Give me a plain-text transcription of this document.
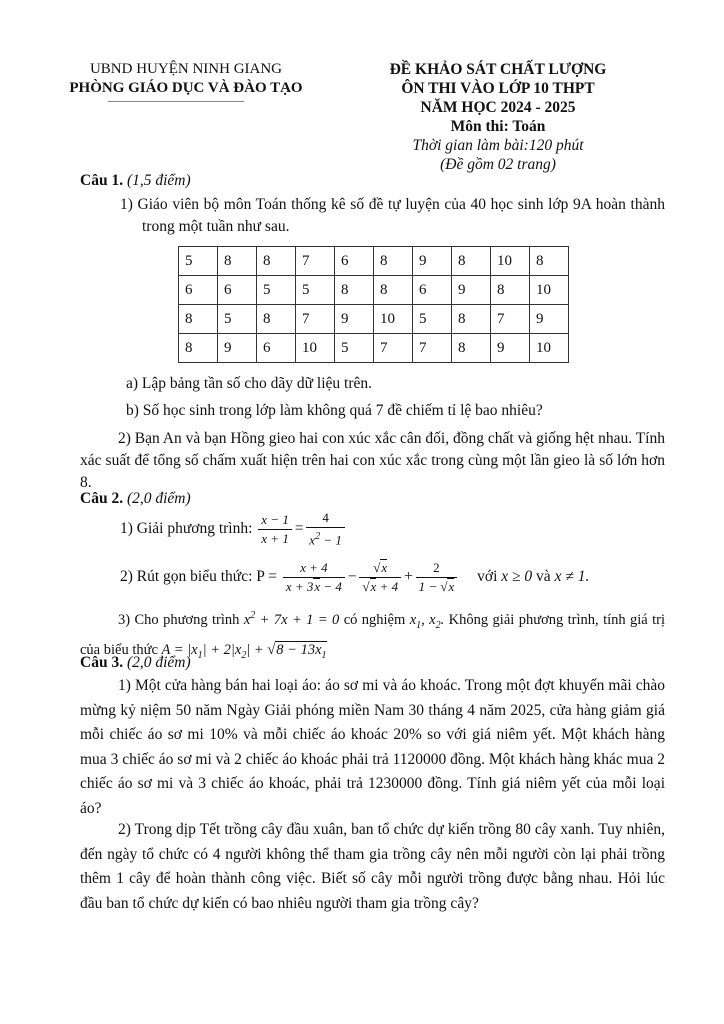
UBND HUYỆN NINH GIANG
PHÒNG GIÁO DỤC VÀ ĐÀO TẠO
ĐỀ KHẢO SÁT CHẤT LƯỢNG
ÔN THI VÀO LỚP 10 THPT
NĂM HỌC 2024 - 2025
Môn thi: Toán
Thời gian làm bài:120 phút
(Đề gồm 02 trang)
Câu 1. (1,5 điểm)
1) Giáo viên bộ môn Toán thống kê số đề tự luyện của 40 học sinh lớp 9A hoàn thành trong một tuần như sau.
5	8	8	7	6	8	9	8	10	8
6	6	5	5	8	8	6	9	8	10
8	5	8	7	9	10	5	8	7	9
8	9	6	10	5	7	7	8	9	10
a) Lập bảng tần số cho dãy dữ liệu trên.
b) Số học sinh trong lớp làm không quá 7 đề chiếm tỉ lệ bao nhiêu?
2) Bạn An và bạn Hồng gieo hai con xúc xắc cân đối, đồng chất và giống hệt nhau. Tính xác suất để tổng số chấm xuất hiện trên hai con xúc xắc trong cùng một lần gieo là số lớn hơn 8.
Câu 2. (2,0 điểm)
1) Giải phương trình: $\frac{x - 1}{x + 1} = \frac{4}{x^2 - 1}$
2) Rút gọn biểu thức: $P = \frac{x + 4}{x + 3x - 4} - \frac{√x}{√x + 4} + \frac{2}{1 - √x}$ với x ≥ 0 và x ≠ 1.
3) Cho phương trình $x^2 + 7x + 1 = 0$ có nghiệm $x_1$, $x_2$. Không giải phương trình, tính giá trị của biểu thức $A = |x_1| + 2|x_2| + √8 - 13x_1$
Câu 3. (2,0 điểm)
1) Một cửa hàng bán hai loại áo: áo sơ mi và áo khoác. Trong một đợt khuyến mãi chào mừng kỷ niệm 50 năm Ngày Giải phóng miền Nam 30 tháng 4 năm 2025, cửa hàng giảm giá mỗi chiếc áo sơ mi 10% và mỗi chiếc áo khoác 20% so với giá niêm yết. Một khách hàng mua 3 chiếc áo sơ mi và 2 chiếc áo khoác phải trả 1120000 đồng. Một khách hàng khác mua 2 chiếc áo sơ mi và 3 chiếc áo khoác, phải trả 1230000 đồng. Tính giá niêm yết của mỗi loại áo?
2) Trong dịp Tết trồng cây đầu xuân, ban tổ chức dự kiến trồng 80 cây xanh. Tuy nhiên, đến ngày tổ chức có 4 người không thể tham gia trồng cây nên mỗi người còn lại phải trồng thêm 1 cây để hoàn thành công việc. Biết số cây mỗi người trồng được bằng nhau. Hỏi lúc đầu ban tổ chức dự kiến có bao nhiêu người tham gia trồng cây?
